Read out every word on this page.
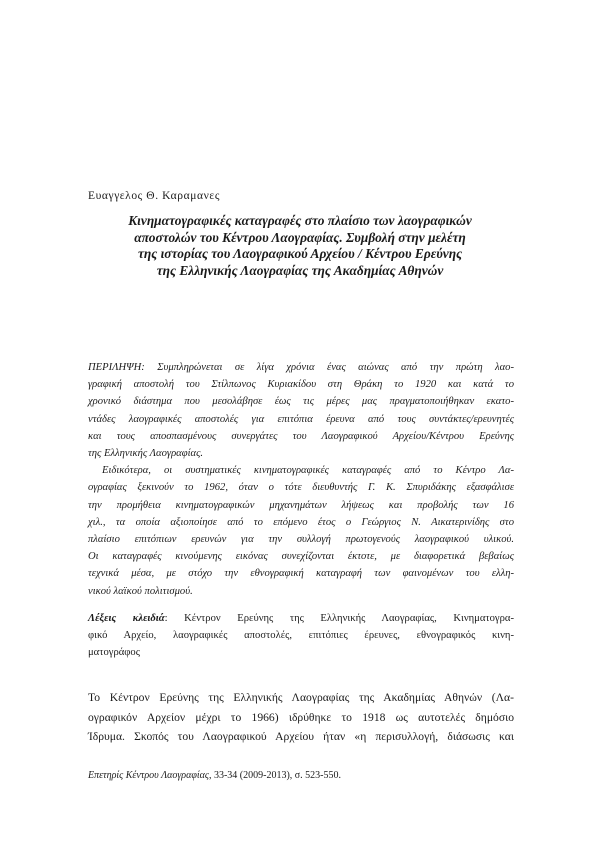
Ευαγγελος Θ. Καραμανες
Κινηματογραφικές καταγραφές στο πλαίσιο των λαογραφικών
αποστολών του Κέντρου Λαογραφίας. Συμβολή στην μελέτη
της ιστορίας του Λαογραφικού Αρχείου / Κέντρου Ερεύνης
της Ελληνικής Λαογραφίας της Ακαδημίας Αθηνών
ΠΕΡΙΛΗΨΗ: Συμπληρώνεται σε λίγα χρόνια ένας αιώνας από την πρώτη λαο-
γραφική αποστολή του Στίλπωνος Κυριακίδου στη Θράκη το 1920 και κατά το
χρονικό διάστημα που μεσολάβησε έως τις μέρες μας πραγματοποιήθηκαν εκατο-
ντάδες λαογραφικές αποστολές για επιτόπια έρευνα από τους συντάκτες/ερευνητές
και τους αποσπασμένους συνεργάτες του Λαογραφικού Αρχείου/Κέντρου Ερεύνης
της Ελληνικής Λαογραφίας.
Ειδικότερα, οι συστηματικές κινηματογραφικές καταγραφές από το Κέντρο Λα-
ογραφίας ξεκινούν το 1962, όταν ο τότε διευθυντής Γ. Κ. Σπυριδάκης εξασφάλισε
την προμήθεια κινηματογραφικών μηχανημάτων λήψεως και προβολής των 16
χιλ., τα οποία αξιοποίησε από το επόμενο έτος ο Γεώργιος Ν. Αικατερινίδης στο
πλαίσιο επιτόπιων ερευνών για την συλλογή πρωτογενούς λαογραφικού υλικού.
Οι καταγραφές κινούμενης εικόνας συνεχίζονται έκτοτε, με διαφορετικά βεβαίως
τεχνικά μέσα, με στόχο την εθνογραφική καταγραφή των φαινομένων του ελλη-
νικού λαϊκού πολιτισμού.
Λέξεις κλειδιά: Κέντρον Ερεύνης της Ελληνικής Λαογραφίας, Κινηματογρα-
φικό Αρχείο, λαογραφικές αποστολές, επιτόπιες έρευνες, εθνογραφικός κινη-
ματογράφος
Το Κέντρον Ερεύνης της Ελληνικής Λαογραφίας της Ακαδημίας Αθηνών (Λα-
ογραφικόν Αρχείον μέχρι το 1966) ιδρύθηκε το 1918 ως αυτοτελές δημόσιο
Ίδρυμα. Σκοπός του Λαογραφικού Αρχείου ήταν «η περισυλλογή, διάσωσις και
Επετηρίς Κέντρου Λαογραφίας, 33-34 (2009-2013), σ. 523-550.
